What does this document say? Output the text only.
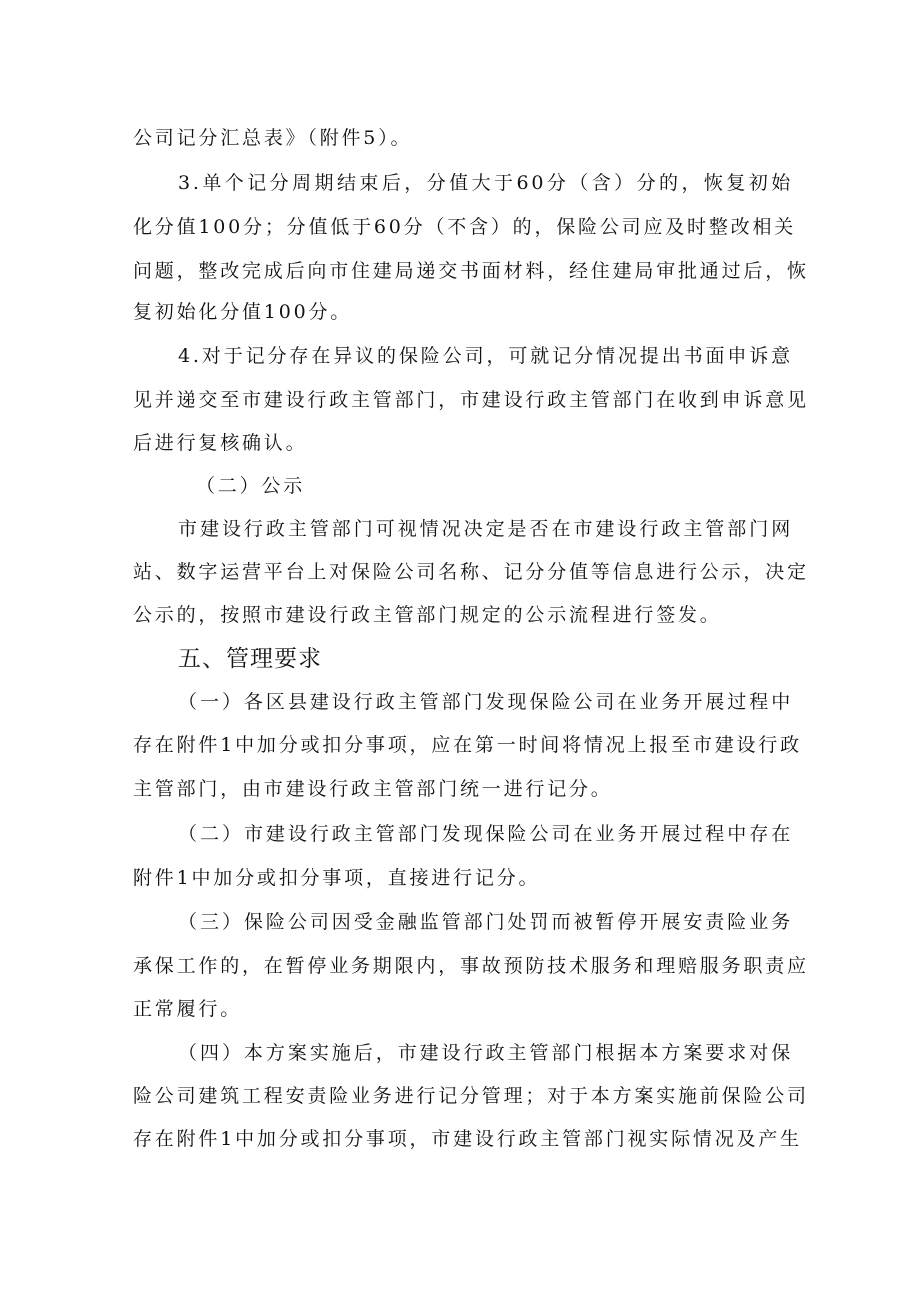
公司记分汇总表》（附件5）。
3.单个记分周期结束后，分值大于60分（含）分的，恢复初始
化分值100分；分值低于60分（不含）的，保险公司应及时整改相关
问题，整改完成后向市住建局递交书面材料，经住建局审批通过后，恢
复初始化分值100分。
4.对于记分存在异议的保险公司，可就记分情况提出书面申诉意
见并递交至市建设行政主管部门，市建设行政主管部门在收到申诉意见
后进行复核确认。
（二）公示
市建设行政主管部门可视情况决定是否在市建设行政主管部门网
站、数字运营平台上对保险公司名称、记分分值等信息进行公示，决定
公示的，按照市建设行政主管部门规定的公示流程进行签发。
五、管理要求
（一）各区县建设行政主管部门发现保险公司在业务开展过程中
存在附件1中加分或扣分事项，应在第一时间将情况上报至市建设行政
主管部门，由市建设行政主管部门统一进行记分。
（二）市建设行政主管部门发现保险公司在业务开展过程中存在
附件1中加分或扣分事项，直接进行记分。
（三）保险公司因受金融监管部门处罚而被暂停开展安责险业务
承保工作的，在暂停业务期限内，事故预防技术服务和理赔服务职责应
正常履行。
（四）本方案实施后，市建设行政主管部门根据本方案要求对保
险公司建筑工程安责险业务进行记分管理；对于本方案实施前保险公司
存在附件1中加分或扣分事项，市建设行政主管部门视实际情况及产生
